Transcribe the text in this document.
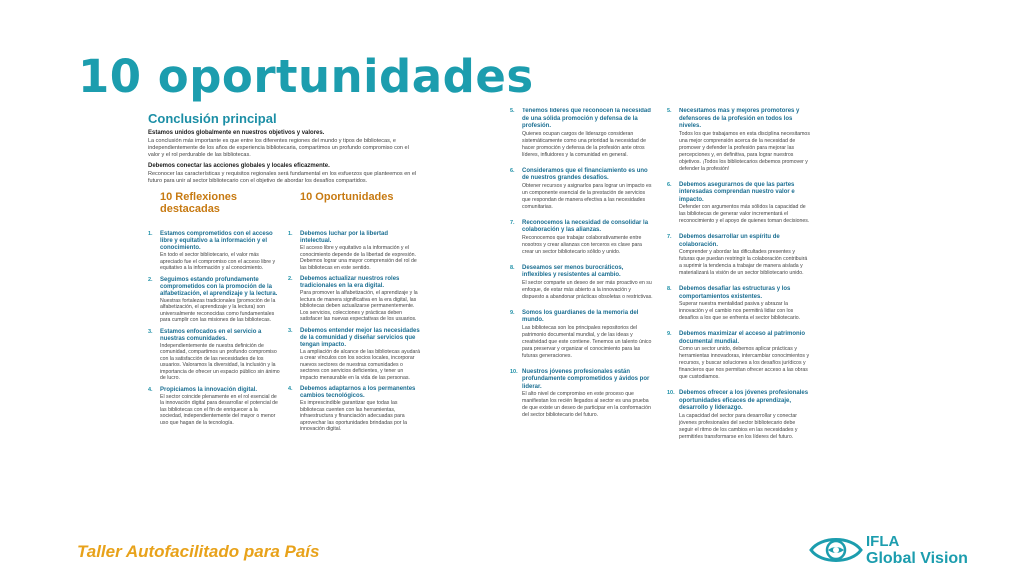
10 oportunidades
Conclusión principal
Estamos unidos globalmente en nuestros objetivos y valores.
La conclusión más importante es que entre los diferentes regiones del mundo y tipos de bibliotecas, e independientemente de los años de experiencia bibliotecaria, compartimos un profundo compromiso con el valor y el rol perdurable de las bibliotecas.
Debemos conectar las acciones globales y locales eficazmente.
Reconocer las características y requisitos regionales será fundamental en los esfuerzos que planteemos en el futuro para unir al sector bibliotecario con el objetivo de abordar los desafíos compartidos.
10 Reflexiones destacadas
1.	Estamos comprometidos con el acceso libre y equitativo a la información y el conocimiento.
En todo el sector bibliotecario, el valor más apreciado fue el compromiso con el acceso libre y equitativo a la información y al conocimiento.
2.	Seguimos estando profundamente comprometidos con la promoción de la alfabetización, el aprendizaje y la lectura.
Nuestras fortalezas tradicionales (promoción de la alfabetización, el aprendizaje y la lectura) son universalmente reconocidas como fundamentales para cumplir con las misiones de las bibliotecas.
3.	Estamos enfocados en el servicio a nuestras comunidades.
Independientemente de nuestra definición de comunidad, compartimos un profundo compromiso con la satisfacción de las necesidades de los usuarios. Valoramos la diversidad, la inclusión y la importancia de ofrecer un espacio público sin ánimo de lucro.
4.	Propiciamos la innovación digital.
El sector coincide plenamente en el rol esencial de la innovación digital para desarrollar el potencial de las bibliotecas con el fin de enriquecer a la sociedad, independientemente del mayor o menor uso que hagan de la tecnología.
10 Oportunidades
1.	Debemos luchar por la libertad intelectual.
El acceso libre y equitativo a la información y el conocimiento depende de la libertad de expresión. Debemos lograr una mayor comprensión del rol de las bibliotecas en este sentido.
2.	Debemos actualizar nuestros roles tradicionales en la era digital.
Para promover la alfabetización, el aprendizaje y la lectura de manera significativa en la era digital, las bibliotecas deben actualizarse permanentemente. Los servicios, colecciones y prácticas deben satisfacer las nuevas expectativas de los usuarios.
3.	Debemos entender mejor las necesidades de la comunidad y diseñar servicios que tengan impacto.
La ampliación de alcance de las bibliotecas ayudará a crear vínculos con los socios locales, incorporar nuevos sectores de nuestras comunidades o sectores con servicios deficientes, y tener un impacto mensurable en la vida de las personas.
4.	Debemos adaptarnos a los permanentes cambios tecnológicos.
Es imprescindible garantizar que todas las bibliotecas cuenten con las herramientas, infraestructura y financiación adecuadas para aprovechar las oportunidades brindadas por la innovación digital.
5.	Tenemos líderes que reconocen la necesidad de una sólida promoción y defensa de la profesión.
Quienes ocupan cargos de liderazgo consideran sistemáticamente como una prioridad la necesidad de hacer promoción y defensa de la profesión ante otros líderes, influidores y la comunidad en general.
6.	Consideramos que el financiamiento es uno de nuestros grandes desafíos.
Obtener recursos y asignarlos para lograr un impacto es un componente esencial de la prestación de servicios que respondan de manera efectiva a las necesidades comunitarias.
7.	Reconocemos la necesidad de consolidar la colaboración y las alianzas.
Reconocemos que trabajar colaborativamente entre nosotros y crear alianzas con terceros es clave para crear un sector bibliotecario sólido y unido.
8.	Deseamos ser menos burocráticos, inflexibles y resistentes al cambio.
El sector comparte un deseo de ser más proactivo en su enfoque, de estar más abierto a la innovación y dispuesto a abandonar prácticas obsoletas o restrictivas.
9.	Somos los guardianes de la memoria del mundo.
Las bibliotecas son los principales repositorios del patrimonio documental mundial, y de las ideas y creatividad que este contiene. Tenemos un talento único para preservar y organizar el conocimiento para las futuras generaciones.
10. Nuestros jóvenes profesionales están profundamente comprometidos y ávidos por liderar.
El alto nivel de compromiso en este proceso que manifiestan los recién llegados al sector es una prueba de que existe un deseo de participar en la conformación del sector bibliotecario del futuro.
5.	Necesitamos más y mejores promotores y defensores de la profesión en todos los niveles.
Todos los que trabajamos en esta disciplina necesitamos una mejor comprensión acerca de la necesidad de promover y defender la profesión para mejorar las percepciones y, en definitiva, para lograr nuestros objetivos. ¡Todos los bibliotecarios debemos promover y defender la profesión!
6.	Debemos asegurarnos de que las partes interesadas comprendan nuestro valor e impacto.
Defender con argumentos más sólidos la capacidad de las bibliotecas de generar valor incrementará el reconocimiento y el apoyo de quienes toman decisiones.
7.	Debemos desarrollar un espíritu de colaboración.
Comprender y abordar las dificultades presentes y futuras que puedan restringir la colaboración contribuirá a suprimir la tendencia a trabajar de manera aislada y materializará la visión de un sector bibliotecario unido.
8.	Debemos desafiar las estructuras y los comportamientos existentes.
Superar nuestra mentalidad pasiva y abrazar la innovación y el cambio nos permitirá lidiar con los desafíos a los que se enfrenta el sector bibliotecario.
9.	Debemos maximizar el acceso al patrimonio documental mundial.
Como un sector unido, debemos aplicar prácticas y herramientas innovadoras, intercambiar conocimientos y recursos, y buscar soluciones a los desafíos jurídicos y financieros que nos permitan ofrecer acceso a las obras que custodiamos.
10. Debemos ofrecer a los jóvenes profesionales oportunidades eficaces de aprendizaje, desarrollo y liderazgo.
La capacidad del sector para desarrollar y conectar jóvenes profesionales del sector bibliotecario debe seguir el ritmo de los cambios en las necesidades y permitirles transformarse en los líderes del futuro.
Taller Autofacilitado para País
IFLA
Global Vision
